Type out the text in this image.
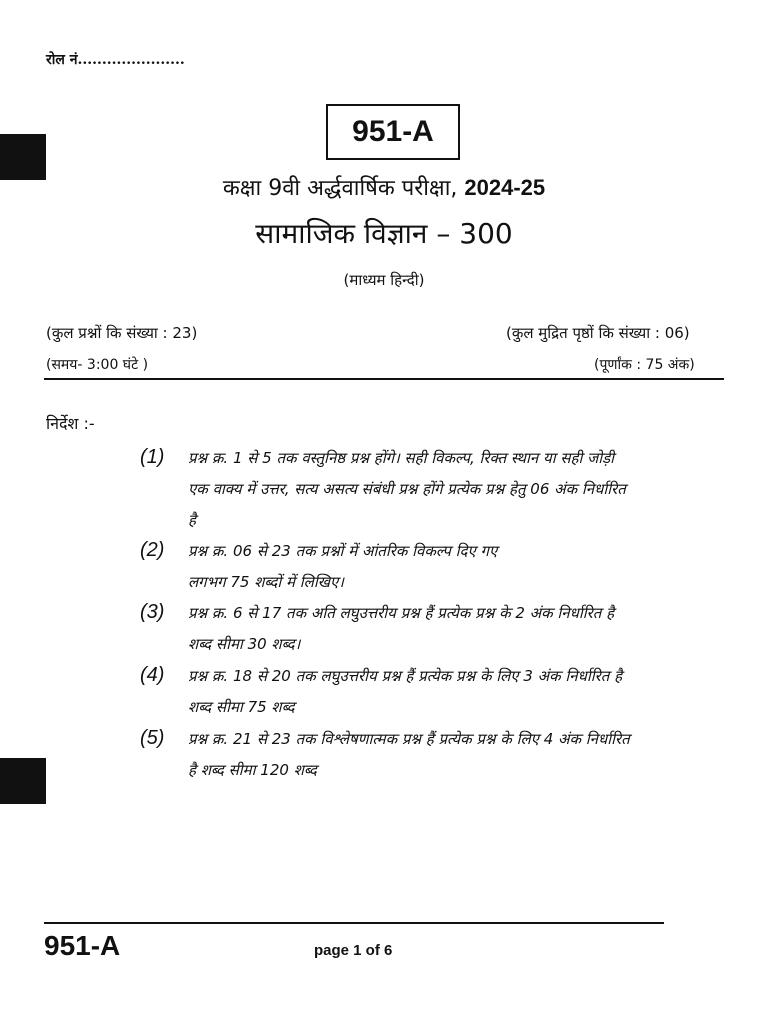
रोल नं......................
951-A
कक्षा 9वी अर्द्धवार्षिक परीक्षा, 2024-25
सामाजिक विज्ञान – 300
(माध्यम हिन्दी)
(कुल प्रश्नों कि संख्या : 23)	(कुल मुद्रित पृष्ठों कि संख्या : 06)
(समय- 3:00 घंटे )	(पूर्णांक : 75 अंक)
निर्देश :-
(1) प्रश्न क्र. 1 से 5 तक वस्तुनिष्ठ प्रश्न होंगे। सही विकल्प, रिक्त स्थान या सही जोड़ी
एक वाक्य में उत्तर, सत्य असत्य संबंधी प्रश्न होंगे प्रत्येक प्रश्न हेतु 06 अंक निर्धारित
है
(2) प्रश्न क्र. 06 से 23 तक प्रश्नों में आंतरिक विकल्प दिए गए
लगभग 75 शब्दों में लिखिए।
(3) प्रश्न क्र. 6 से 17 तक अति लघुउत्तरीय प्रश्न हैं प्रत्येक प्रश्न के 2 अंक निर्धारित है
शब्द सीमा 30 शब्द।
(4) प्रश्न क्र. 18 से 20 तक लघुउत्तरीय प्रश्न हैं प्रत्येक प्रश्न के लिए 3 अंक निर्धारित है
शब्द सीमा 75 शब्द
(5) प्रश्न क्र. 21 से 23 तक विश्लेषणात्मक प्रश्न हैं प्रत्येक प्रश्न के लिए 4 अंक निर्धारित
है शब्द सीमा 120 शब्द
951-A	page 1 of 6
